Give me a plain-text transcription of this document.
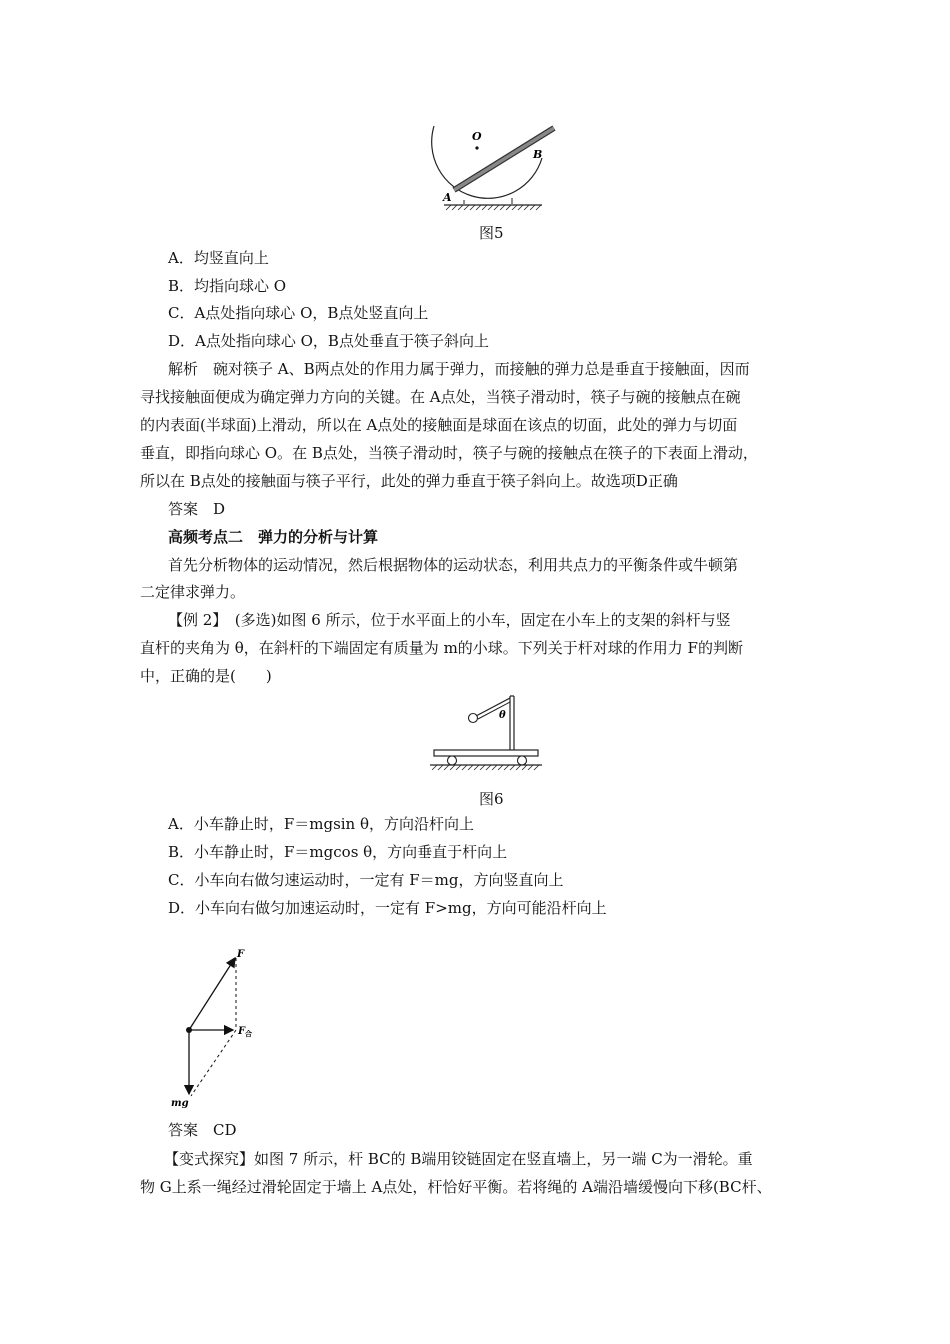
O
A
B
图5
A．均竖直向上
B．均指向球心 O
C．A点处指向球心 O，B点处竖直向上
D．A点处指向球心 O，B点处垂直于筷子斜向上
解析　碗对筷子 A、B两点处的作用力属于弹力，而接触的弹力总是垂直于接触面，因而
寻找接触面便成为确定弹力方向的关键。在 A点处，当筷子滑动时，筷子与碗的接触点在碗
的内表面(半球面)上滑动，所以在 A点处的接触面是球面在该点的切面，此处的弹力与切面
垂直，即指向球心 O。在 B点处，当筷子滑动时，筷子与碗的接触点在筷子的下表面上滑动，
所以在 B点处的接触面与筷子平行，此处的弹力垂直于筷子斜向上。故选项D正确
答案　D
高频考点二　弹力的分析与计算
首先分析物体的运动情况，然后根据物体的运动状态，利用共点力的平衡条件或牛顿第
二定律求弹力。
【例 2】　(多选)如图 6 所示，位于水平面上的小车，固定在小车上的支架的斜杆与竖
直杆的夹角为 θ，在斜杆的下端固定有质量为 m的小球。下列关于杆对球的作用力 F的判断
中，正确的是(　　)
θ
图6
A．小车静止时，F＝mgsin θ，方向沿杆向上
B．小车静止时，F＝mgcos θ，方向垂直于杆向上
C．小车向右做匀速运动时，一定有 F＝mg，方向竖直向上
D．小车向右做匀加速运动时，一定有 F>mg，方向可能沿杆向上
F
F 合
mg
答案　CD
【变式探究】如图 7 所示，杆 BC的 B端用铰链固定在竖直墙上，另一端 C为一滑轮。重
物 G上系一绳经过滑轮固定于墙上 A点处，杆恰好平衡。若将绳的 A端沿墙缓慢向下移(BC杆、
